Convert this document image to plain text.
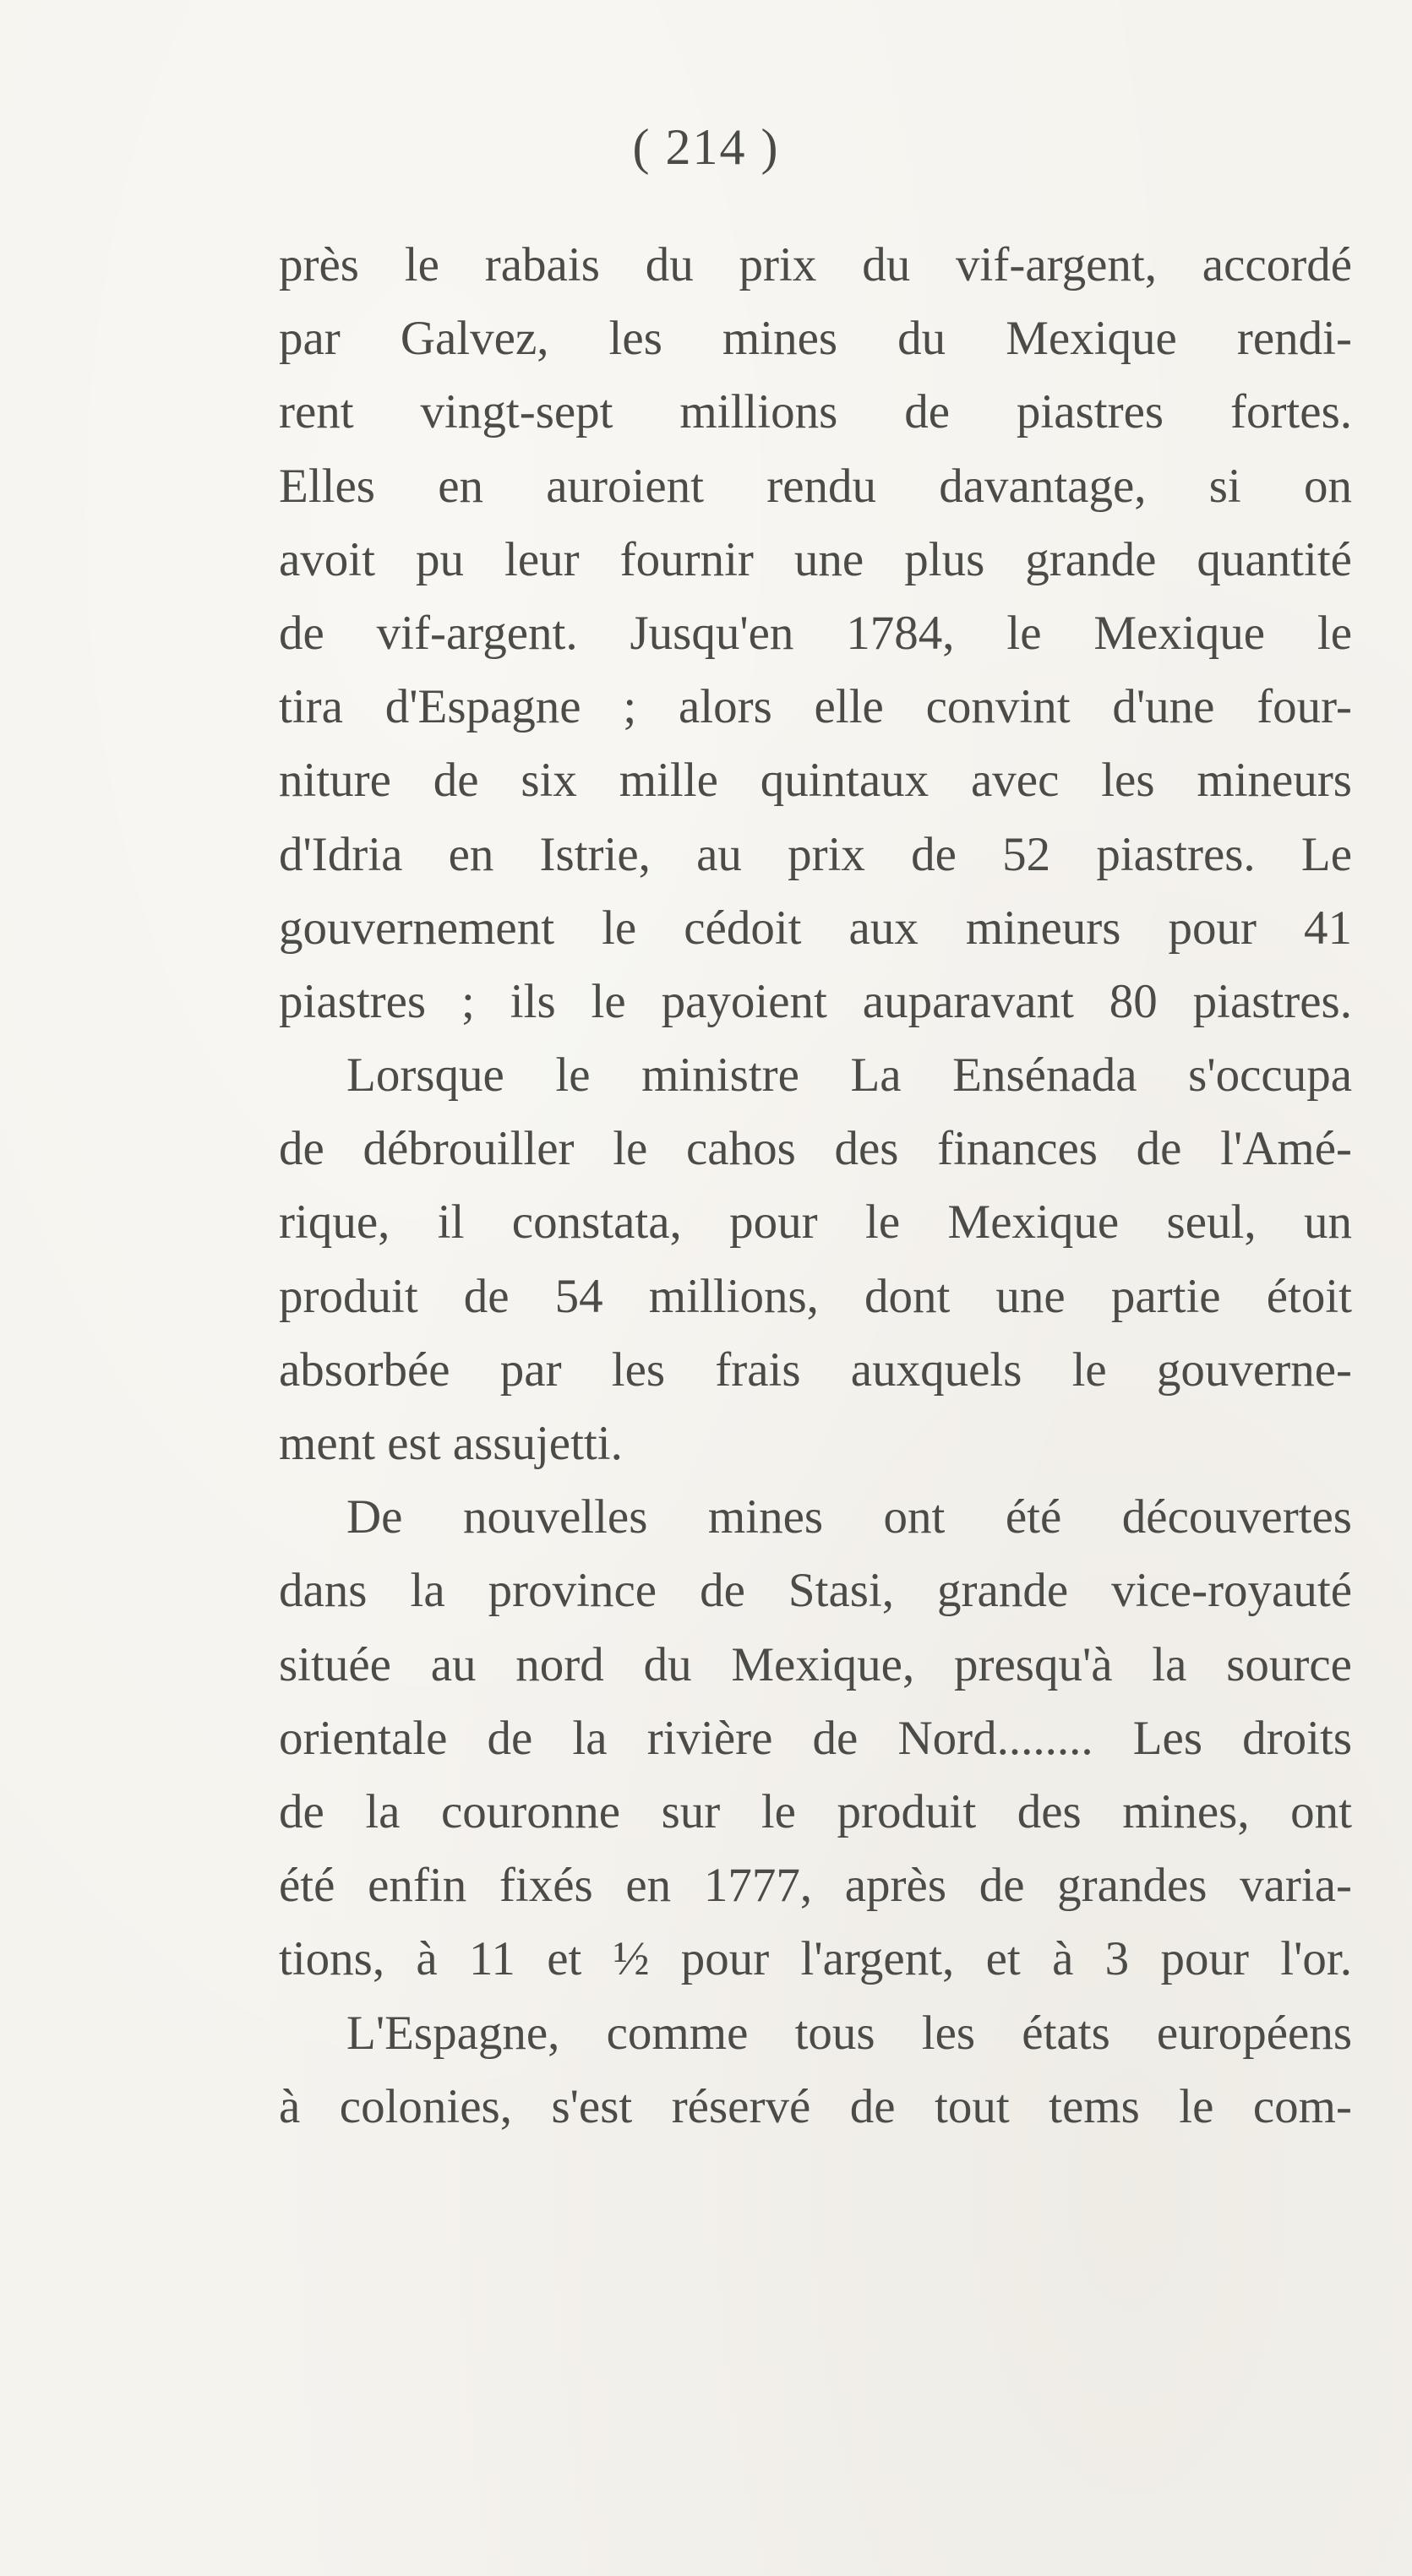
( 214 )
près le rabais du prix du vif-argent, accordé
par Galvez, les mines du Mexique rendi-
rent vingt-sept millions de piastres fortes.
Elles en auroient rendu davantage, si on
avoit pu leur fournir une plus grande quantité
de vif-argent. Jusqu'en 1784, le Mexique le
tira d'Espagne ; alors elle convint d'une four-
niture de six mille quintaux avec les mineurs
d'Idria en Istrie, au prix de 52 piastres. Le
gouvernement le cédoit aux mineurs pour 41
piastres ; ils le payoient auparavant 80 piastres.
Lorsque le ministre La Ensénada s'occupa
de débrouiller le cahos des finances de l'Amé-
rique, il constata, pour le Mexique seul, un
produit de 54 millions, dont une partie étoit
absorbée par les frais auxquels le gouverne-
ment est assujetti.
De nouvelles mines ont été découvertes
dans la province de Stasi, grande vice-royauté
située au nord du Mexique, presqu'à la source
orientale de la rivière de Nord........ Les droits
de la couronne sur le produit des mines, ont
été enfin fixés en 1777, après de grandes varia-
tions, à 11 et ½ pour l'argent, et à 3 pour l'or.
L'Espagne, comme tous les états européens
à colonies, s'est réservé de tout tems le com-
